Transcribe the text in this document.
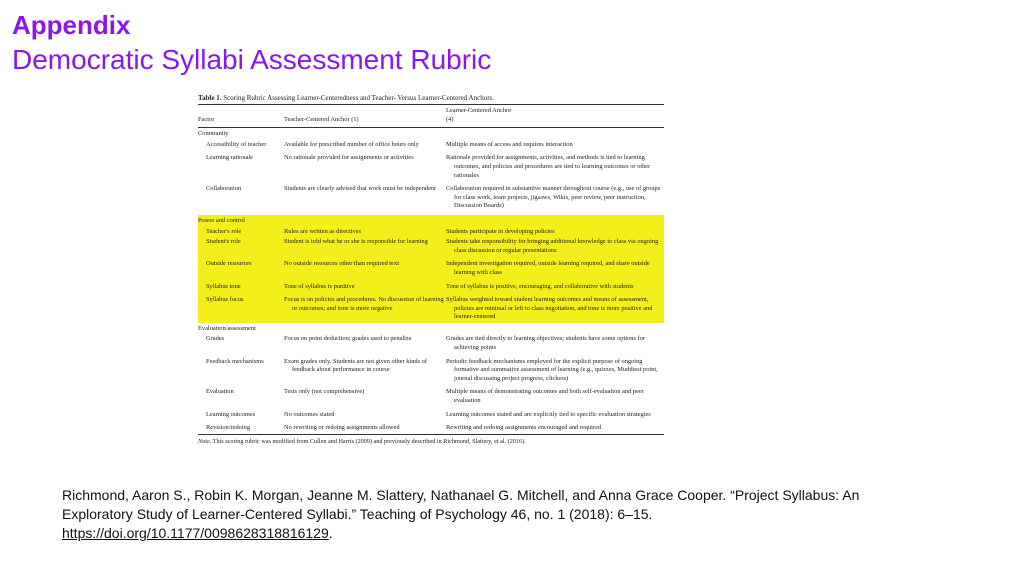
Appendix
Democratic Syllabi Assessment Rubric
Table 1. Scoring Rubric Assessing Learner-Centeredness and Teacher- Versus Learner-Centered Anchors.
Factor	Teacher-Centered Anchor (1)	Learner-Centered Anchor (4)
Community		
Accessibility of teacher	Available for prescribed number of office hours only	Multiple means of access and requires interaction
Learning rationale	No rationale provided for assignments or activities	Rationale provided for assignments, activities, and methods is tied to learning outcomes, and policies and procedures are tied to learning outcomes or other rationales
Collaboration	Students are clearly advised that work must be independent	Collaboration required in substantive manner throughout course (e.g., use of groups for class work, team projects, jigsaws, Wikis, peer review, peer instruction, Discussion Boards)
Power and control		
Teacher's role	Rules are written as directives	Students participate in developing policies
Student's role	Student is told what he or she is responsible for learning	Students take responsibility for bringing additional knowledge to class via ongoing class discussion or regular presentations
Outside resources	No outside resources other than required text	Independent investigation required, outside learning required, and share outside learning with class
Syllabus tone	Tone of syllabus is punitive	Tone of syllabus is positive, encouraging, and collaborative with students
Syllabus focus	Focus is on policies and procedures. No discussion of learning or outcomes; and tone is more negative	Syllabus weighted toward student learning outcomes and means of assessment, policies are minimal or left to class negotiation, and tone is more positive and learner-centered
Evaluation/assessment		
Grades	Focus on point deduction; grades used to penalize	Grades are tied directly to learning objectives; students have some options for achieving points
Feedback mechanisms	Exam grades only. Students are not given other kinds of feedback about performance in course	Periodic feedback mechanisms employed for the explicit purpose of ongoing formative and summative assessment of learning (e.g., quizzes, Muddiest point, journal discussing project progress, clickers)
Evaluation	Tests only (not comprehensive)	Multiple means of demonstrating outcomes and both self-evaluation and peer evaluation
Learning outcomes	No outcomes stated	Learning outcomes stated and are explicitly tied to specific evaluation strategies
Revision/redoing	No rewriting or redoing assignments allowed	Rewriting and redoing assignments encouraged and required
Note. This scoring rubric was modified from Cullen and Harris (2009) and previously described in Richmond, Slattery, et al. (2016).
Richmond, Aaron S., Robin K. Morgan, Jeanne M. Slattery, Nathanael G. Mitchell, and Anna Grace Cooper. “Project Syllabus: An Exploratory Study of Learner-Centered Syllabi.” Teaching of Psychology 46, no. 1 (2018): 6–15. https://doi.org/10.1177/0098628318816129.
